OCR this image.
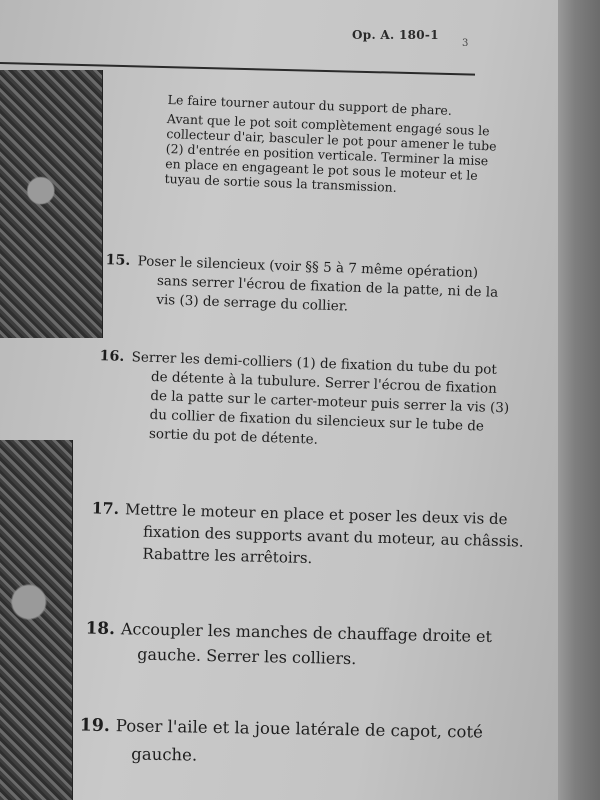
Op. A. 180-1
3

Le faire tourner autour du support de phare.

Avant que le pot soit complètement engagé sous le collecteur d'air, basculer le pot pour amener le tube (2) d'entrée en position verticale. Terminer la mise en place en engageant le pot sous le moteur et le tuyau de sortie sous la transmission.

15. Poser le silencieux (voir §§ 5 à 7 même opération) sans serrer l'écrou de fixation de la patte, ni de la vis (3) de serrage du collier.
16. Serrer les demi-colliers (1) de fixation du tube du pot de détente à la tubulure. Serrer l'écrou de fixation de la patte sur le carter-moteur puis serrer la vis (3) du collier de fixation du silencieux sur le tube de sortie du pot de détente.
17. Mettre le moteur en place et poser les deux vis de fixation des supports avant du moteur, au châssis. Rabattre les arrêtoirs.
18. Accoupler les manches de chauffage droite et gauche. Serrer les colliers.
19. Poser l'aile et la joue latérale de capot, coté gauche.
